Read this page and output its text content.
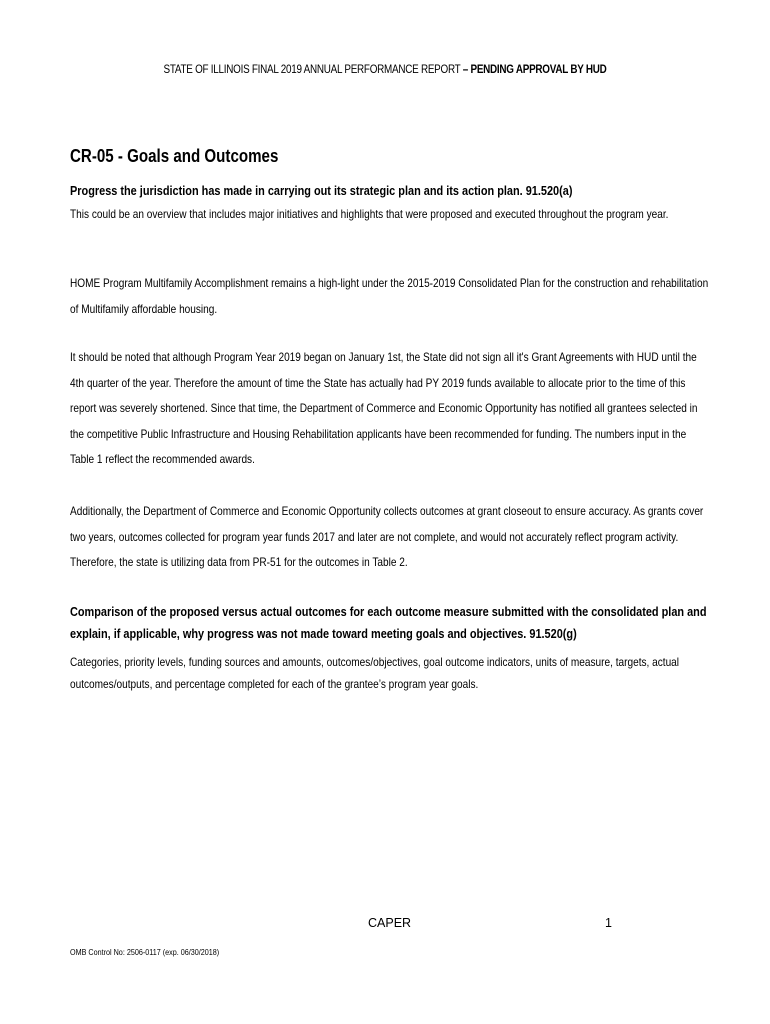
STATE OF ILLINOIS FINAL 2019 ANNUAL PERFORMANCE REPORT – PENDING APPROVAL BY HUD
CR-05 - Goals and Outcomes
Progress the jurisdiction has made in carrying out its strategic plan and its action plan. 91.520(a)
This could be an overview that includes major initiatives and highlights that were proposed and executed throughout the program year.
HOME Program Multifamily Accomplishment remains a high-light under the 2015-2019 Consolidated Plan for the construction and rehabilitation of Multifamily affordable housing.
It should be noted that although Program Year 2019 began on January 1st, the State did not sign all it's Grant Agreements with HUD until the 4th quarter of the year. Therefore the amount of time the State has actually had PY 2019 funds available to allocate prior to the time of this report was severely shortened. Since that time, the Department of Commerce and Economic Opportunity has notified all grantees selected in the competitive Public Infrastructure and Housing Rehabilitation applicants have been recommended for funding. The numbers input in the Table 1 reflect the recommended awards.
Additionally, the Department of Commerce and Economic Opportunity collects outcomes at grant closeout to ensure accuracy. As grants cover two years, outcomes collected for program year funds 2017 and later are not complete, and would not accurately reflect program activity. Therefore, the state is utilizing data from PR-51 for the outcomes in Table 2.
Comparison of the proposed versus actual outcomes for each outcome measure submitted with the consolidated plan and explain, if applicable, why progress was not made toward meeting goals and objectives. 91.520(g)
Categories, priority levels, funding sources and amounts, outcomes/objectives, goal outcome indicators, units of measure, targets, actual outcomes/outputs, and percentage completed for each of the grantee’s program year goals.
CAPER	1
OMB Control No: 2506-0117 (exp. 06/30/2018)
